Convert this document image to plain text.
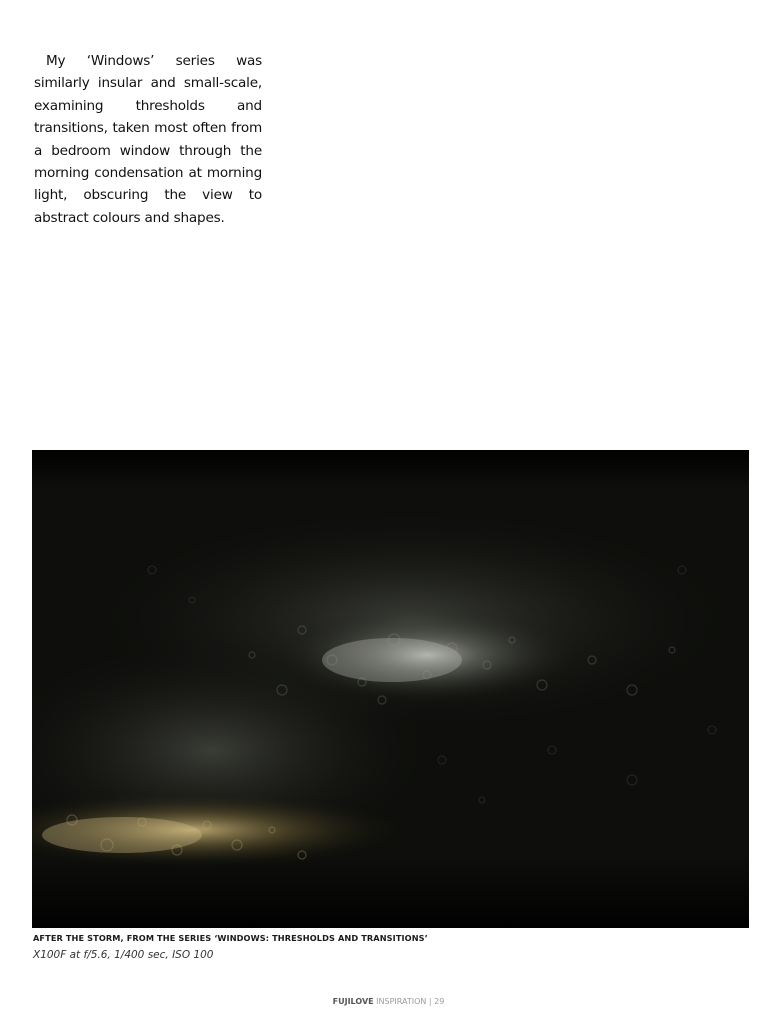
My ‘Windows’ series was similarly insular and small-scale, examining thresholds and transitions, taken most often from a bedroom window through the morning condensation at morning light, obscuring the view to abstract colours and shapes.

AFTER THE STORM, FROM THE SERIES ‘WINDOWS: THRESHOLDS AND TRANSITIONS’
X100F at f/5.6, 1/400 sec, ISO 100
FUJILOVE INSPIRATION | 29
